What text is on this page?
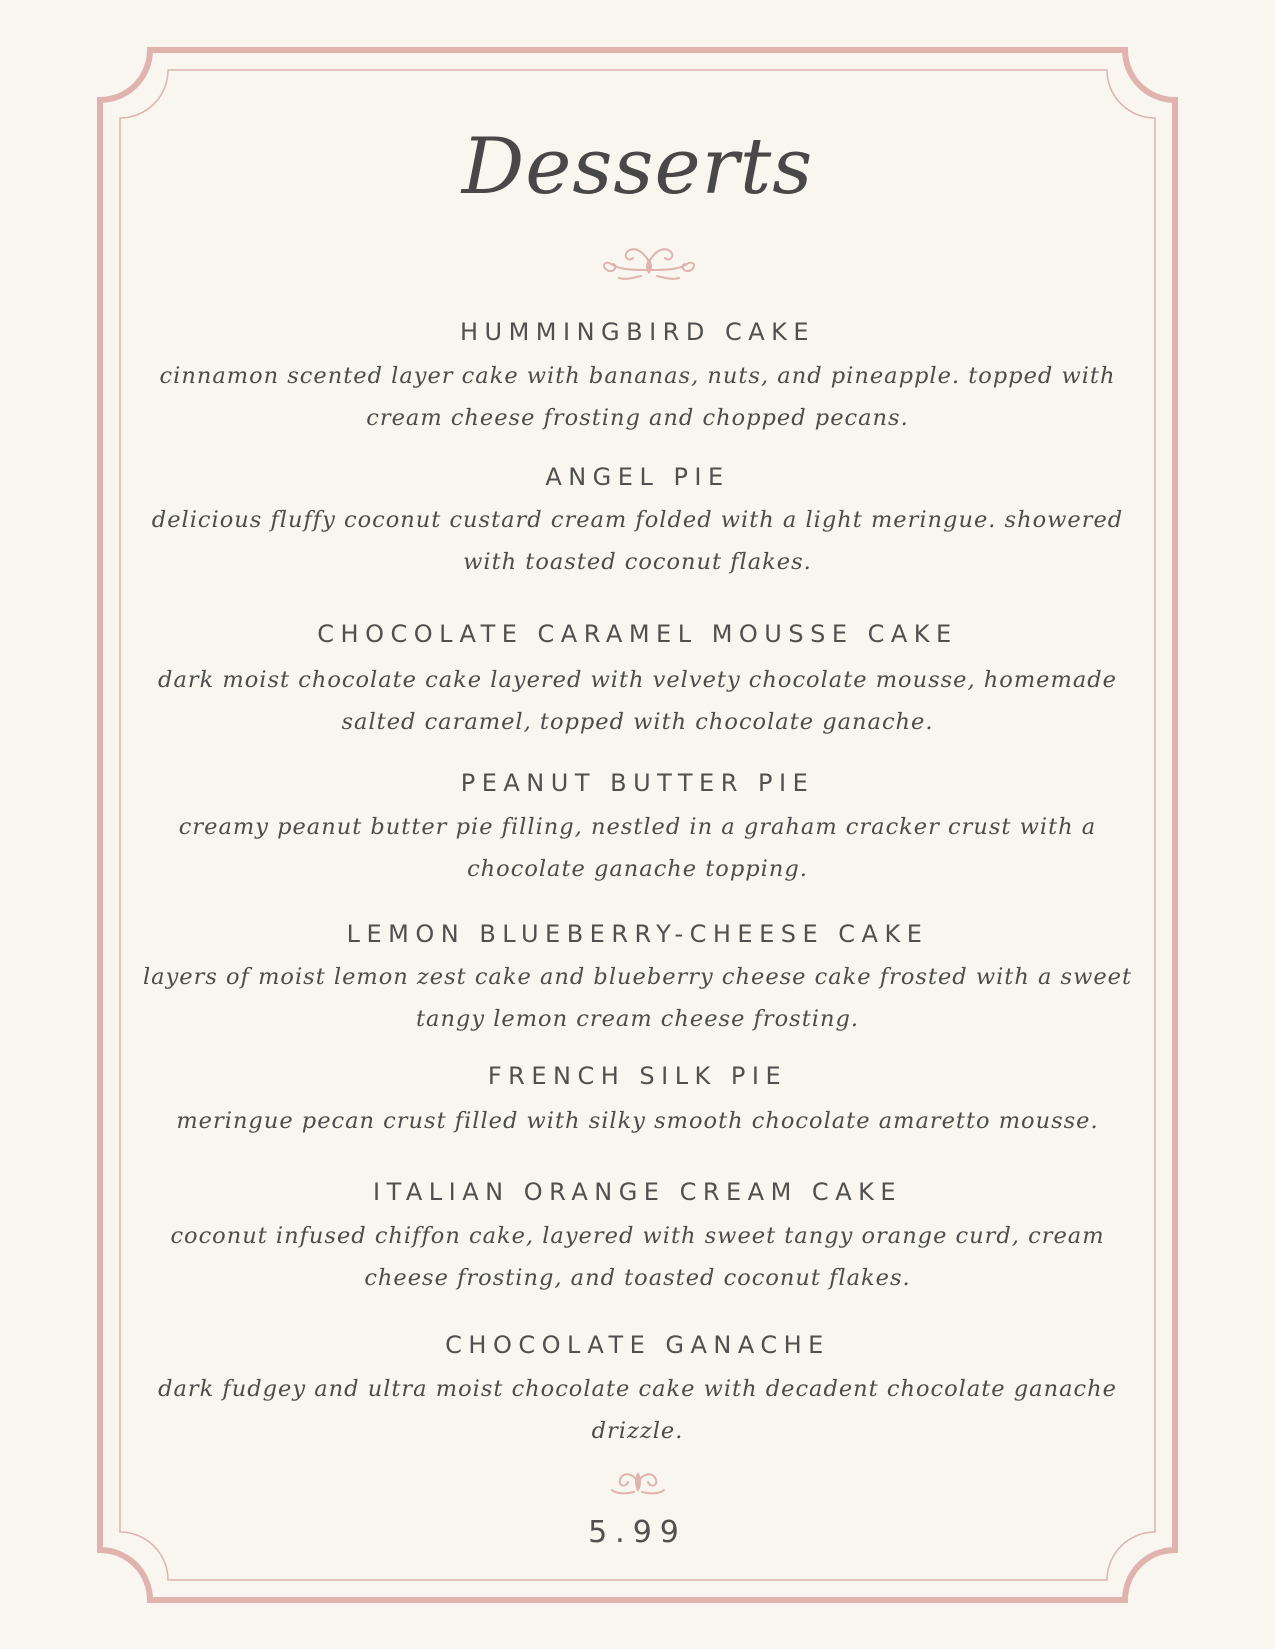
Desserts
HUMMINGBIRD CAKE

cinnamon scented layer cake with bananas, nuts, and pineapple. topped with cream cheese frosting and chopped pecans.

ANGEL PIE

delicious fluffy coconut custard cream folded with a light meringue. showered with toasted coconut flakes.

CHOCOLATE CARAMEL MOUSSE CAKE

dark moist chocolate cake layered with velvety chocolate mousse, homemade salted caramel, topped with chocolate ganache.

PEANUT BUTTER PIE

creamy peanut butter pie filling, nestled in a graham cracker crust with a chocolate ganache topping.

LEMON BLUEBERRY-CHEESE CAKE

layers of moist lemon zest cake and blueberry cheese cake frosted with a sweet tangy lemon cream cheese frosting.

FRENCH SILK PIE

meringue pecan crust filled with silky smooth chocolate amaretto mousse.

ITALIAN ORANGE CREAM CAKE

coconut infused chiffon cake, layered with sweet tangy orange curd, cream cheese frosting, and toasted coconut flakes.

CHOCOLATE GANACHE

dark fudgey and ultra moist chocolate cake with decadent chocolate ganache drizzle.

5.99
